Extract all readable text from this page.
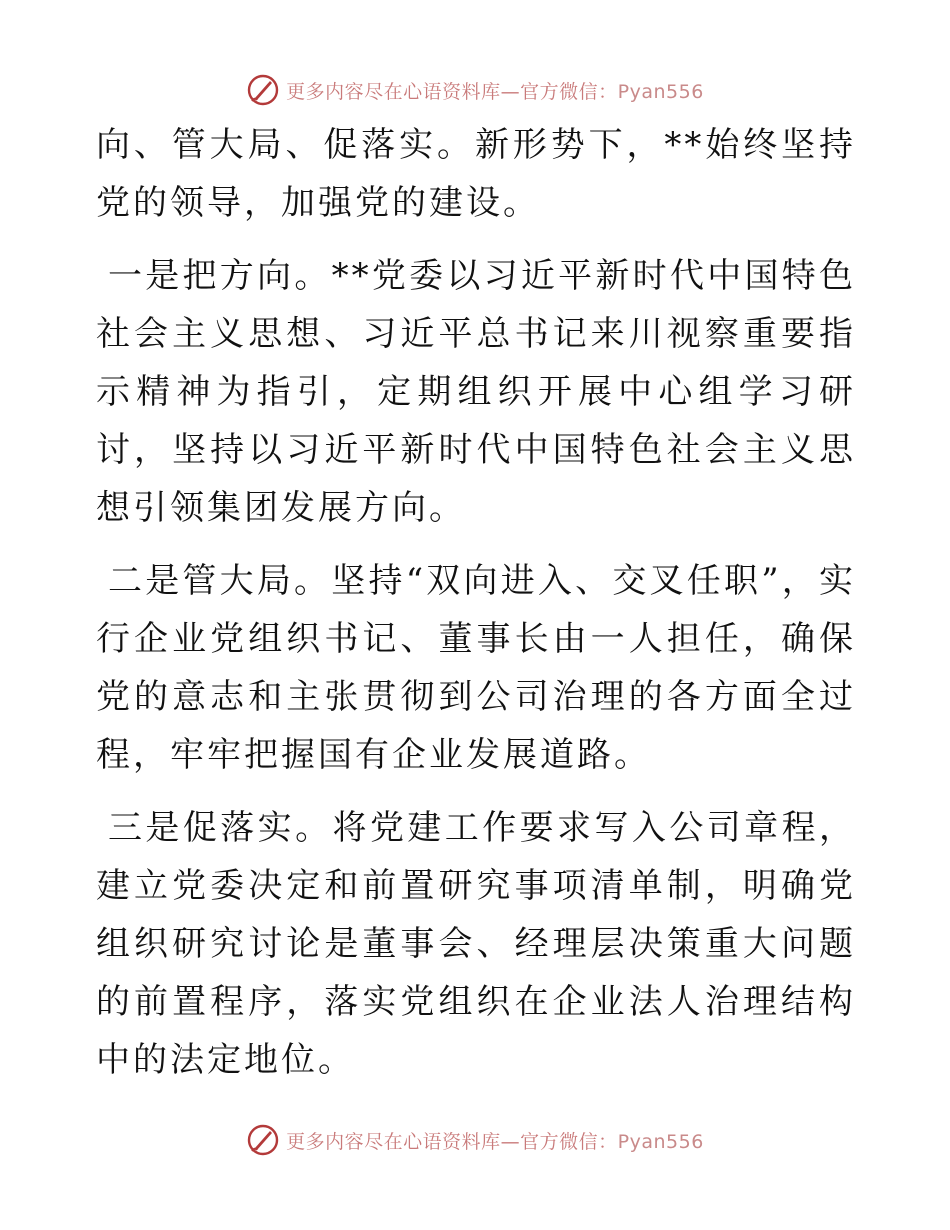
更多内容尽在心语资料库—官方微信：Pyan556

向、管大局、促落实。新形势下，**始终坚持党的领导，加强党的建设。

一是把方向。**党委以习近平新时代中国特色社会主义思想、习近平总书记来川视察重要指示精神为指引，定期组织开展中心组学习研讨，坚持以习近平新时代中国特色社会主义思想引领集团发展方向。

二是管大局。坚持“双向进入、交叉任职”，实行企业党组织书记、董事长由一人担任，确保党的意志和主张贯彻到公司治理的各方面全过程，牢牢把握国有企业发展道路。

三是促落实。将党建工作要求写入公司章程，建立党委决定和前置研究事项清单制，明确党组织研究讨论是董事会、经理层决策重大问题的前置程序，落实党组织在企业法人治理结构中的法定地位。

更多内容尽在心语资料库—官方微信：Pyan556
